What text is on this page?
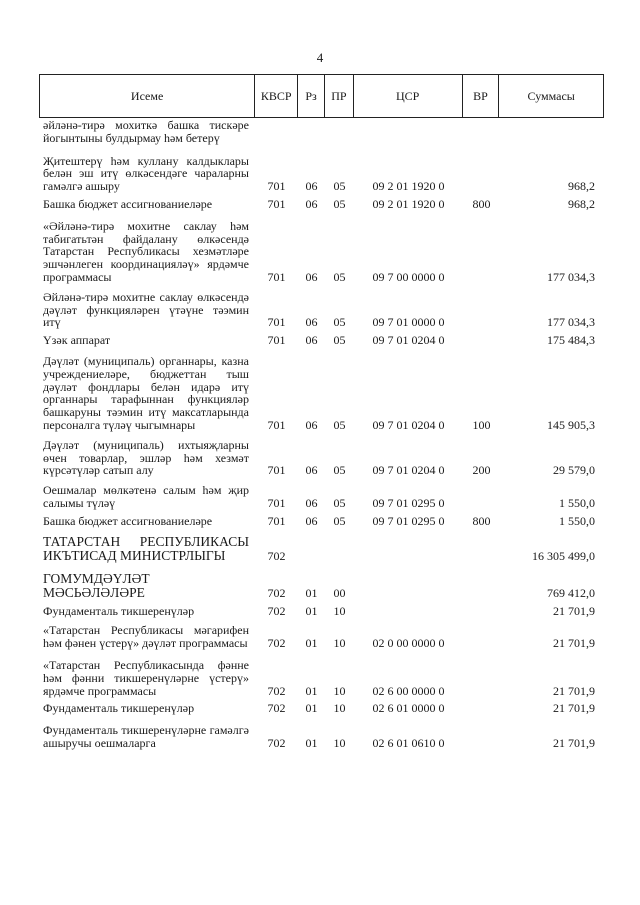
4
Исеме	КВСР	Рз	ПР	ЦСР	ВР	Суммасы
әйләнә-тирә мохиткә башка тискәре йогынтыны булдырмау һәм бетерү
Җитештерү һәм куллану калдыклары белән эш итү өлкәсендәге чараларны гамәлгә ашыру	701	06	05	09 2 01 1920 0	968,2
Башка бюджет ассигнованиеләре	701	06	05	09 2 01 1920 0	800	968,2
«Әйләнә-тирә мохитне саклау һәм табигатьтән файдалану өлкәсендә Татарстан Республикасы хезмәтләре эшчәнлеген координацияләү» ярдәмче программасы	701	06	05	09 7 00 0000 0	177 034,3
Әйләнә-тирә мохитне саклау өлкәсендә дәүләт функцияләрен үтәүне тәэмин итү	701	06	05	09 7 01 0000 0	177 034,3
Үзәк аппарат	701	06	05	09 7 01 0204 0	175 484,3
Дәүләт (муниципаль) органнары, казна учреждениеләре, бюджеттан тыш дәүләт фондлары белән идарә итү органнары тарафыннан функцияләр башкаруны тәэмин итү максатларында персоналга түләү чыгымнары	701	06	05	09 7 01 0204 0	100	145 905,3
Дәүләт (муниципаль) ихтыяҗларны өчен товарлар, эшләр һәм хезмәт күрсәтүләр сатып алу	701	06	05	09 7 01 0204 0	200	29 579,0
Оешмалар мөлкәтенә салым һәм җир салымы түләү	701	06	05	09 7 01 0295 0	1 550,0
Башка бюджет ассигнованиеләре	701	06	05	09 7 01 0295 0	800	1 550,0
ТАТАРСТАН РЕСПУБЛИКАСЫ ИКЪТИСАД МИНИСТРЛЫГЫ	702	16 305 499,0
ГОМУМДӘҮЛӘТ МӘСЬӘЛӘЛӘРЕ	702	01	00	769 412,0
Фундаменталь тикшеренүләр	702	01	10	21 701,9
«Татарстан Республикасы мәгарифен һәм фәнен үстерү» дәүләт программасы	702	01	10	02 0 00 0000 0	21 701,9
«Татарстан Республикасында фәнне һәм фәнни тикшеренүләрне үстерү» ярдәмче программасы	702	01	10	02 6 00 0000 0	21 701,9
Фундаменталь тикшеренүләр	702	01	10	02 6 01 0000 0	21 701,9
Фундаменталь тикшеренүләрне гамәлгә ашыручы оешмаларга	702	01	10	02 6 01 0610 0	21 701,9
